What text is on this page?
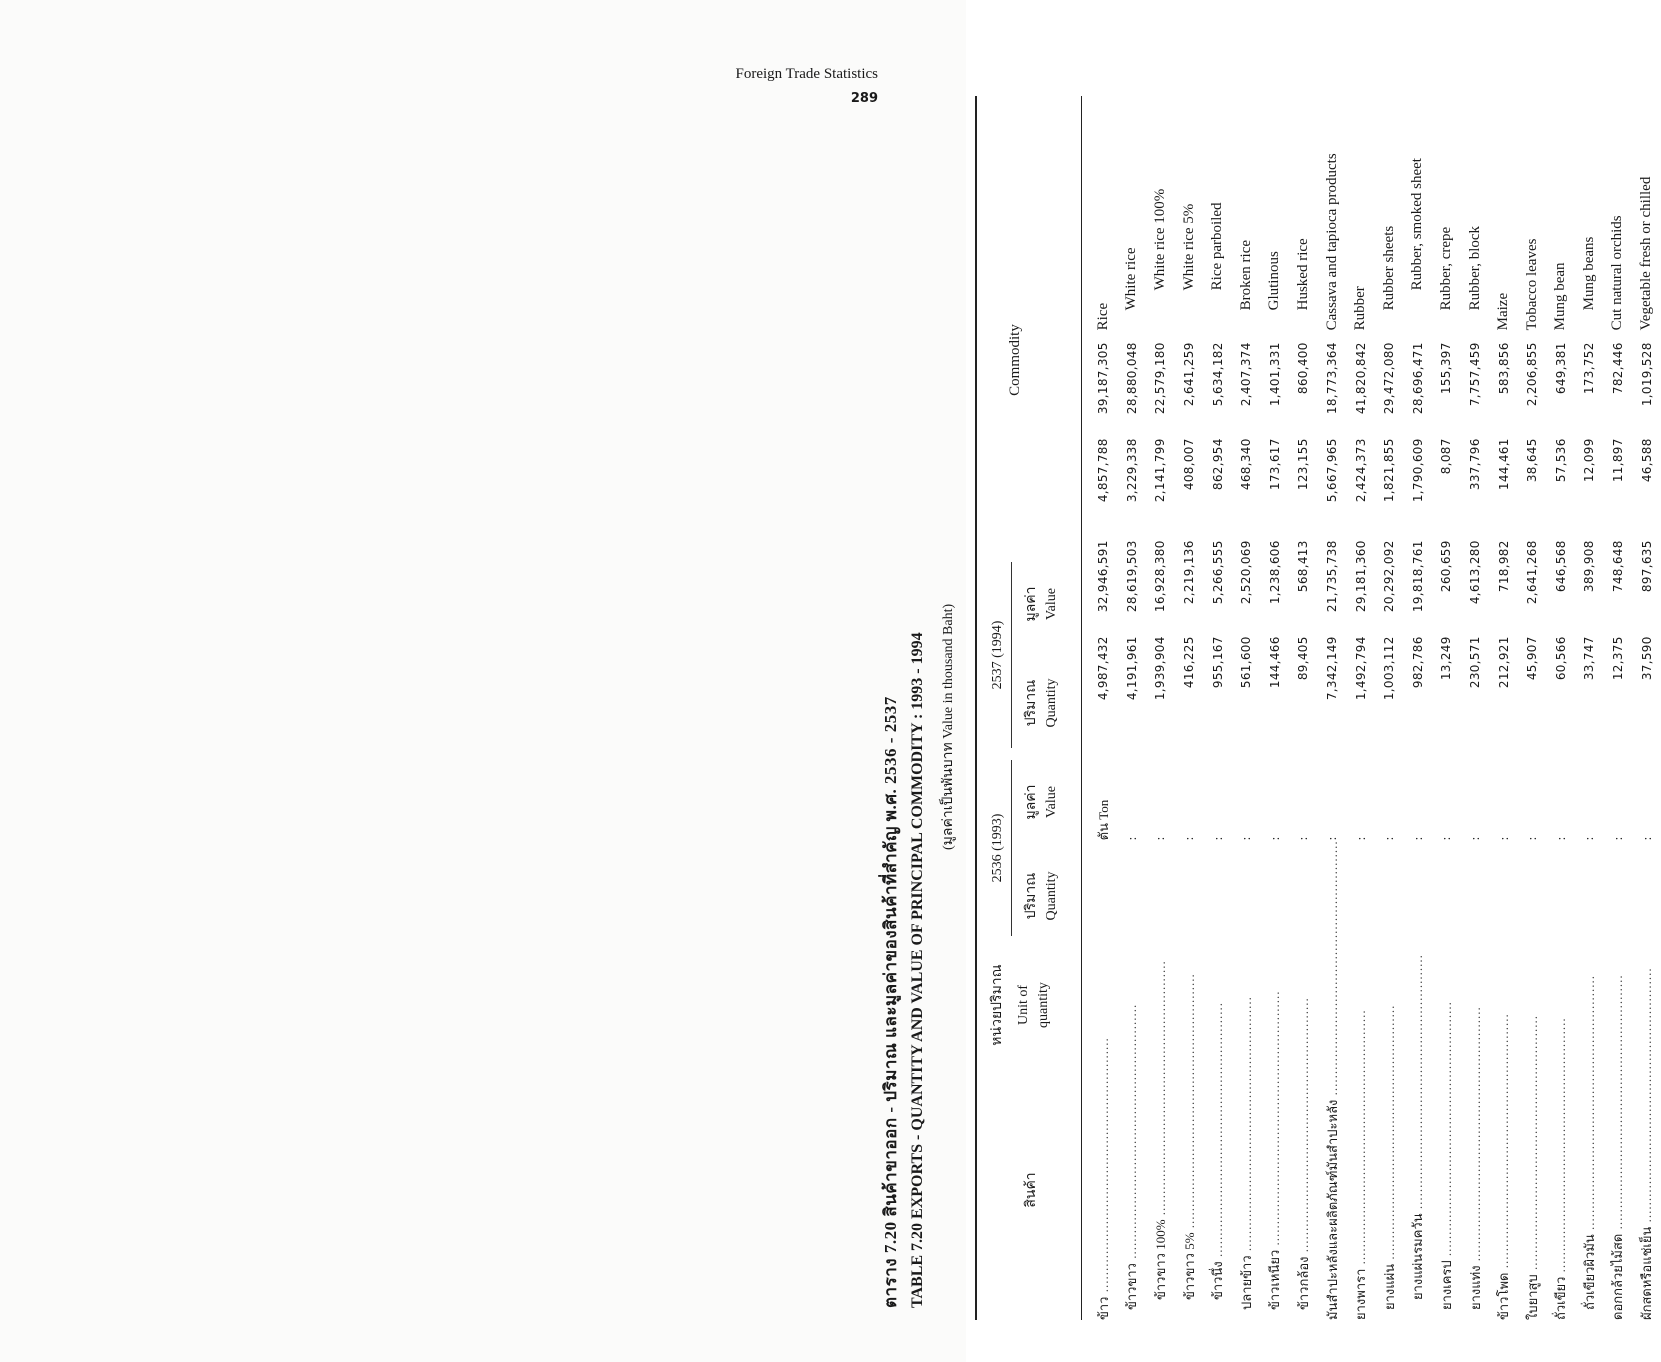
Foreign Trade Statistics
289
ตาราง 7.20 สินค้าขาออก - ปริมาณ และมูลค่าของสินค้าที่สำคัญ พ.ศ. 2536 - 2537 TABLE 7.20 EXPORTS - QUANTITY AND VALUE OF PRINCIPAL COMMODITY : 1993 - 1994 (มูลค่าเป็นพันบาท Value in thousand Baht)
สินค้า
หน่วยปริมาณ Unit of quantity
2536 (1993)
ปริมาณ Quantity
มูลค่า Value
2537 (1994)
ปริมาณ Quantity
มูลค่า Value
Commodity
ข้าว ............................................................	ตัน Ton	4,987,432	32,946,591	4,857,788	39,187,305	Rice
ข้าวขาว ............................................................	:	4,191,961	28,619,503	3,229,338	28,880,048	White rice
ข้าวขาว 100% ............................................................	:	1,939,904	16,928,380	2,141,799	22,579,180	White rice 100%
ข้าวขาว 5% ............................................................	:	416,225	2,219,136	408,007	2,641,259	White rice 5%
ข้าวนึ่ง ............................................................	:	955,167	5,266,555	862,954	5,634,182	Rice parboiled
ปลายข้าว ............................................................	:	561,600	2,520,069	468,340	2,407,374	Broken rice
ข้าวเหนียว ............................................................	:	144,466	1,238,606	173,617	1,401,331	Glutinous
ข้าวกล้อง ............................................................	:	89,405	568,413	123,155	860,400	Husked rice
มันสำปะหลังและผลิตภัณฑ์มันสำปะหลัง ............................................................	:	7,342,149	21,735,738	5,667,965	18,773,364	Cassava and tapioca products
ยางพารา ............................................................	:	1,492,794	29,181,360	2,424,373	41,820,842	Rubber
ยางแผ่น ............................................................	:	1,003,112	20,292,092	1,821,855	29,472,080	Rubber sheets
ยางแผ่นรมควัน ............................................................	:	982,786	19,818,761	1,790,609	28,696,471	Rubber, smoked sheet
ยางเครป ............................................................	:	13,249	260,659	8,087	155,397	Rubber, crepe
ยางแท่ง ............................................................	:	230,571	4,613,280	337,796	7,757,459	Rubber, block
ข้าวโพด ............................................................	:	212,921	718,982	144,461	583,856	Maize
ใบยาสูบ ............................................................	:	45,907	2,641,268	38,645	2,206,855	Tobacco leaves
ถั่วเขียว ............................................................	:	60,566	646,568	57,536	649,381	Mung bean
ถั่วเขียวผิวมัน ............................................................	:	33,747	389,908	12,099	173,752	Mung beans
ดอกกล้วยไม้สด ............................................................	:	12,375	748,648	11,897	782,446	Cut natural orchids
ผักสดหรือแช่เย็น ............................................................	:	37,590	897,635	46,588	1,019,528	Vegetable fresh or chilled
